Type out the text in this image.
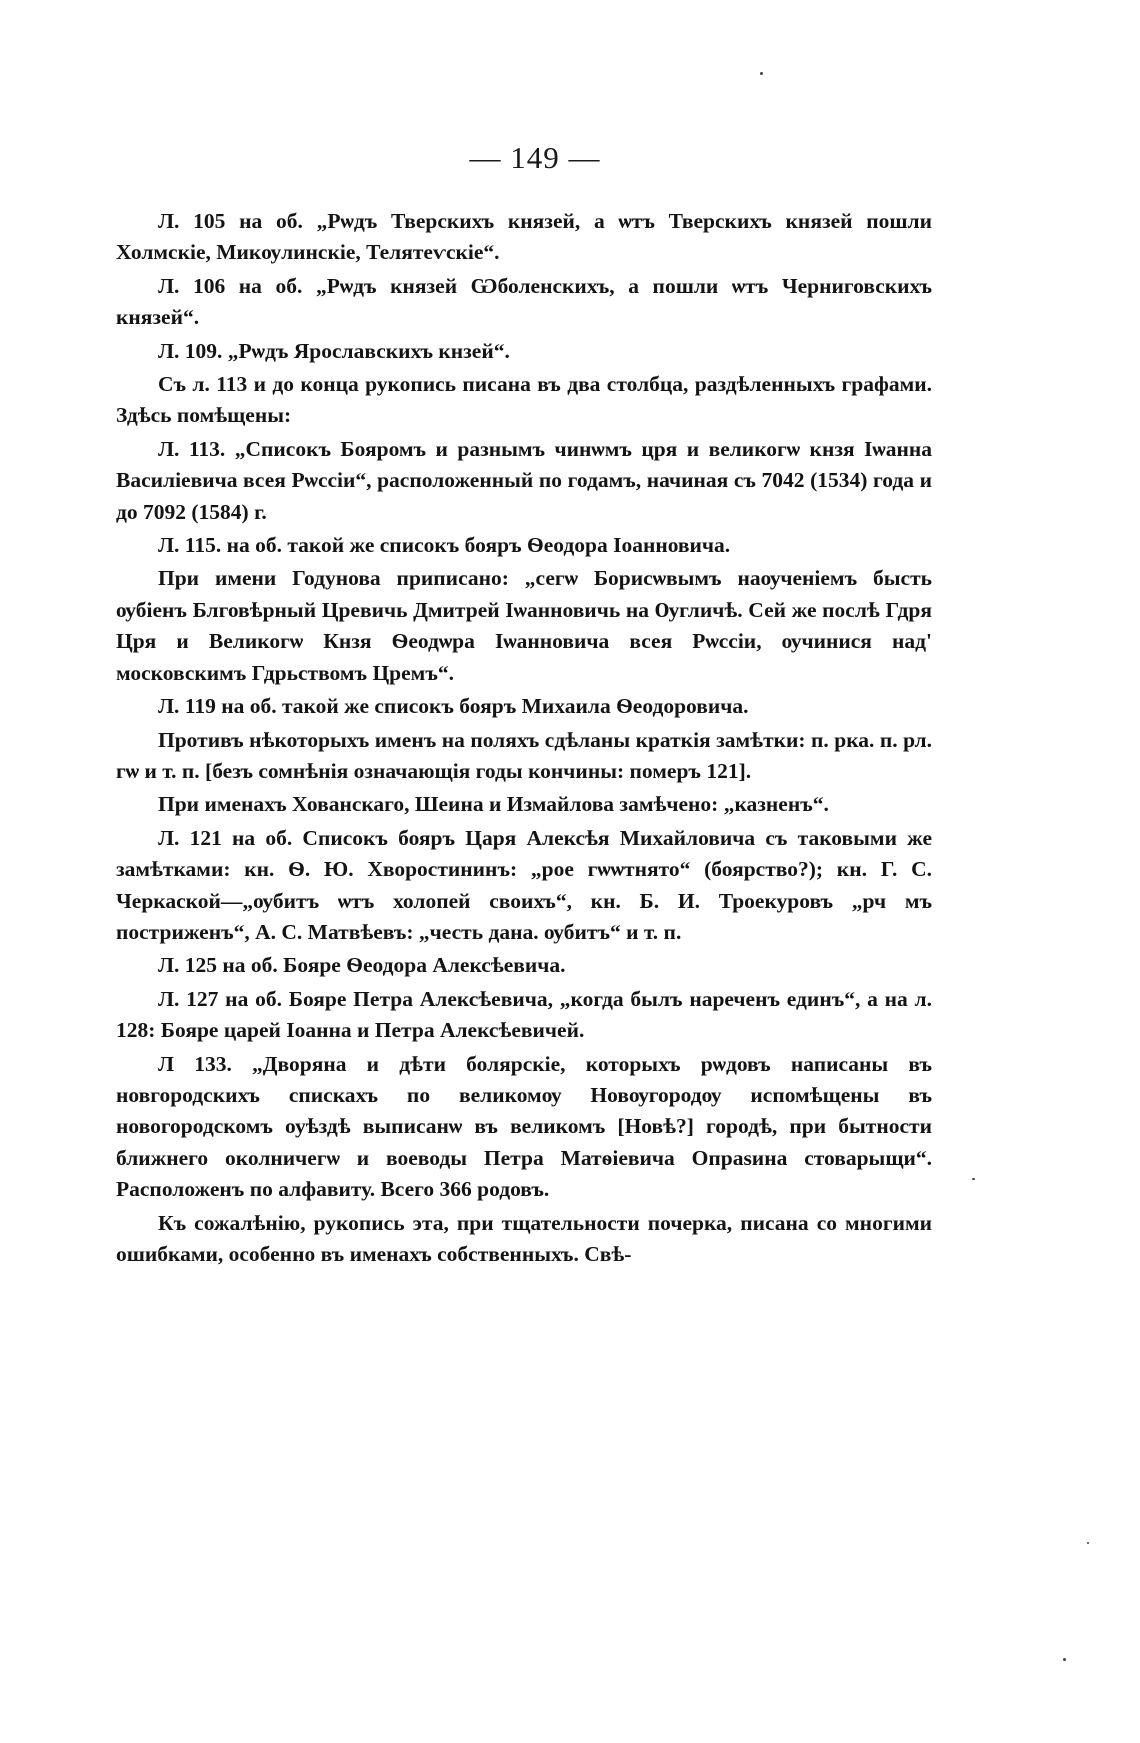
— 149 —

Л. 105 на об. „Рѡдъ Тверскихъ князей, а ѡтъ Тверскихъ князей пошли Холмскіе, Микѹлинскіе, Телятеѵскіе“.

Л. 106 на об. „Рѡдъ князей Ѡболенскихъ, а пошли ѡтъ Черниговскихъ князей“.

Л. 109. „Рѡдъ Ярославскихъ кнзей“.

Съ л. 113 и до конца рукопись писана въ два столбца, раздѣленныхъ графами. Здѣсь помѣщены:

Л. 113. „Списокъ Бояромъ и разнымъ чинѡмъ цря и великогѡ кнзя Іѡанна Василіевича всея Рѡссіи“, расположенный по годамъ, начиная съ 7042 (1534) года и до 7092 (1584) г.

Л. 115. на об. такой же списокъ бояръ Ѳеодора Іоанновича.

При имени Годунова приписано: „сегѡ Борисѡвымъ наѹченіемъ бысть ѹбіенъ Блговѣрный Цревичь Дмитрей Іѡанновичь на Ѹгличѣ. Сей же послѣ Гдря Цря и Великогѡ Кнзя Ѳеодѡра Іѡанновича всея Рѡссіи, ѹчинися над' московскимъ Гдрьствомъ Цремъ“.

Л. 119 на об. такой же списокъ бояръ Михаила Ѳеодоровича.

Противъ нѣкоторыхъ именъ на поляхъ сдѣланы краткія замѣтки: п. рка. п. рл. гѡ и т. п. [безъ сомнѣнія означающія годы кончины: померъ 121].

При именахъ Хованскаго, Шеина и Измайлова замѣчено: „казненъ“.

Л. 121 на об. Списокъ бояръ Царя Алексѣя Михайловича съ таковыми же замѣтками: кн. Ѳ. Ю. Хворостининъ: „рое гѡѡтнято“ (боярство?); кн. Г. С. Черкаской—„ѹбитъ ѡтъ холопей своихъ“, кн. Б. И. Троекуровъ „рч мъ постриженъ“, А. С. Матвѣевъ: „честь дана. ѹбитъ“ и т. п.

Л. 125 на об. Бояре Ѳеодора Алексѣевича.

Л. 127 на об. Бояре Петра Алексѣевича, „когда былъ нареченъ единъ“, а на л. 128: Бояре царей Іоанна и Петра Алексѣевичей.

Л 133. „Дворяна и дѣти болярскіе, которыхъ рѡдовъ написаны въ новгородскихъ спискахъ по великомѹ Новѹгородѹ испомѣщены въ новогородскомъ оуѣздѣ выписанѡ въ великомъ [Новѣ?] городѣ, при бытности ближнего околничегѡ и воеводы Петра Матѳіевича Опраѕина стоварыщи“. Расположенъ по алфавиту. Всего 366 родовъ.

Къ сожалѣнію, рукопись эта, при тщательности почерка, писана со многими ошибками, особенно въ именахъ собственныхъ. Свѣ-
